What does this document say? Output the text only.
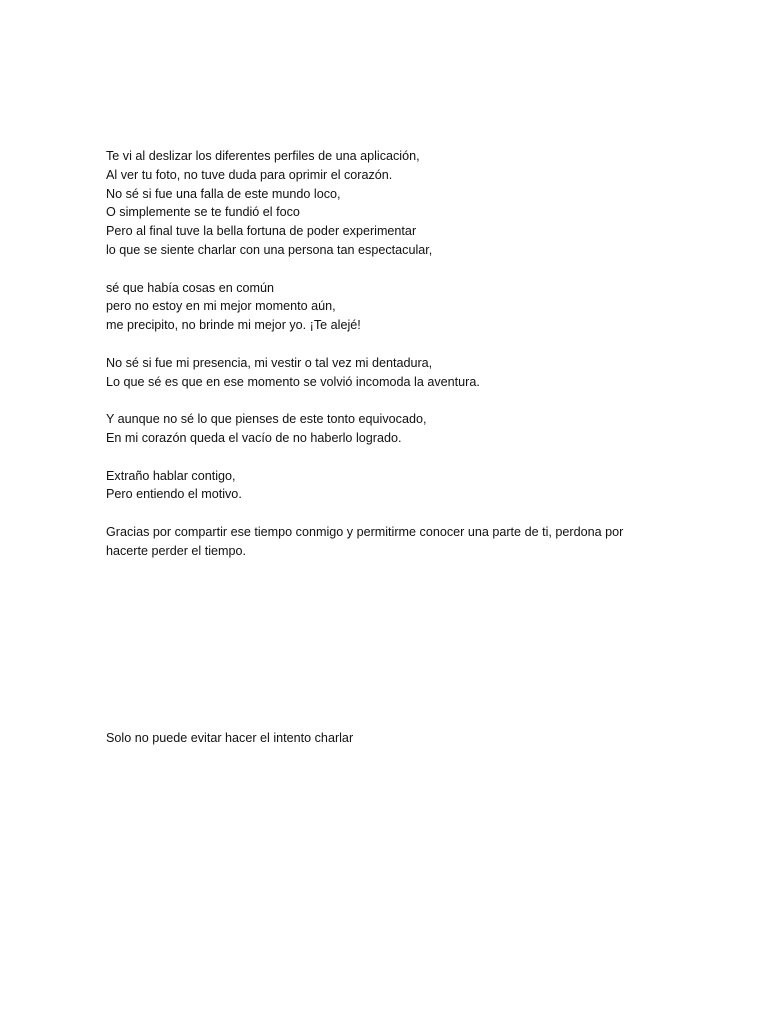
Te vi al deslizar los diferentes perfiles de una aplicación,
Al ver tu foto, no tuve duda para oprimir el corazón.
No sé si fue una falla de este mundo loco,
O simplemente se te fundió el foco
Pero al final tuve la bella fortuna de poder experimentar
lo que se siente charlar con una persona tan espectacular,
sé que había cosas en común
pero no estoy en mi mejor momento aún,
me precipito, no brinde mi mejor yo. ¡Te alejé!
No sé si fue mi presencia, mi vestir o tal vez mi dentadura,
Lo que sé es que en ese momento se volvió incomoda la aventura.
Y aunque no sé lo que pienses de este tonto equivocado,
En mi corazón queda el vacío de no haberlo logrado.
Extraño hablar contigo,
Pero entiendo el motivo.
Gracias por compartir ese tiempo conmigo y permitirme conocer una parte de ti, perdona por hacerte perder el tiempo.
Solo no puede evitar hacer el intento charlar
